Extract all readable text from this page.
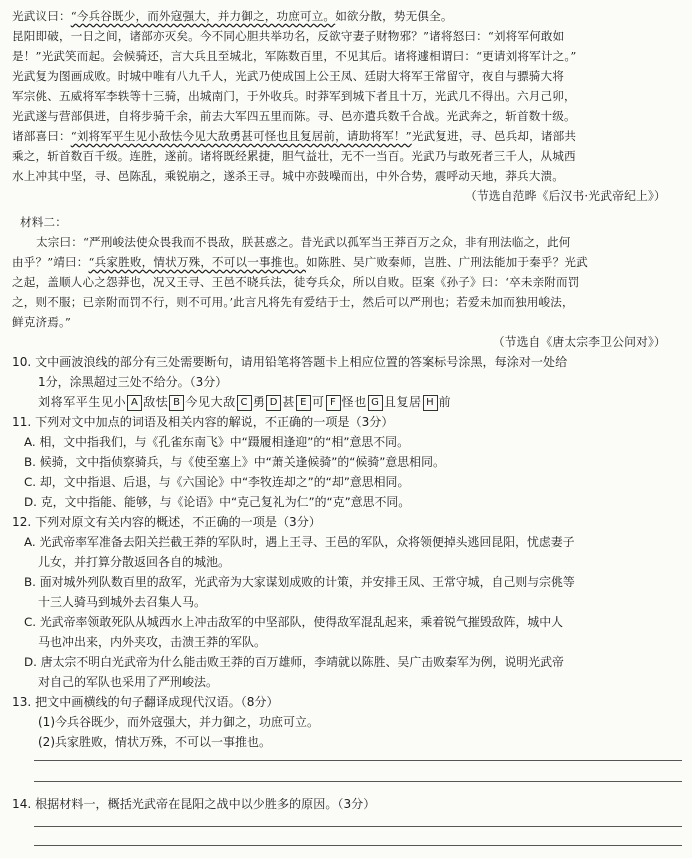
光武议曰：“今兵谷既少，而外寇强大，并力御之，功庶可立。如欲分散，势无俱全。

昆阳即破，一日之间，诸部亦灭矣。今不同心胆共举功名，反欲守妻子财物邪？”诸将怒曰：“刘将军何敢如

是！”光武笑而起。会候骑还，言大兵且至城北，军陈数百里，不见其后。诸将遽相谓曰：“更请刘将军计之。”

光武复为图画成败。时城中唯有八九千人，光武乃使成国上公王凤、廷尉大将军王常留守，夜自与骠骑大将

军宗佻、五威将军李轶等十三骑，出城南门，于外收兵。时莽军到城下者且十万，光武几不得出。六月己卯，

光武遂与营部俱进，自将步骑千余，前去大军四五里而陈。寻、邑亦遣兵数千合战。光武奔之，斩首数十级。

诸部喜曰：“刘将军平生见小敌怯今见大敌勇甚可怪也且复居前，请助将军！”光武复进，寻、邑兵却，诸部共

乘之，斩首数百千级。连胜，遂前。诸将既经累捷，胆气益壮，无不一当百。光武乃与敢死者三千人，从城西

水上冲其中坚，寻、邑陈乱，乘锐崩之，遂杀王寻。城中亦鼓噪而出，中外合势，震呼动天地，莽兵大溃。

（节选自范晔《后汉书·光武帝纪上》）

材料二：

太宗曰：“严刑峻法使众畏我而不畏敌，朕甚惑之。昔光武以孤军当王莽百万之众，非有刑法临之，此何

由乎？”靖曰：“兵家胜败，情状万殊，不可以一事推也。如陈胜、吴广败秦师，岂胜、广刑法能加于秦乎？光武

之起，盖顺人心之怨莽也，况又王寻、王邑不晓兵法，徒夸兵众，所以自败。臣案《孙子》曰：‘卒未亲附而罚

之，则不服；已亲附而罚不行，则不可用。’此言凡将先有爱结于士，然后可以严刑也；若爱未加而独用峻法，

鲜克济焉。”

（节选自《唐太宗李卫公问对》）

10. 文中画波浪线的部分有三处需要断句，请用铅笔将答题卡上相应位置的答案标号涂黑，每涂对一处给

1分，涂黑超过三处不给分。（3分）

刘将军平生见小 A 敌怯 B 今见大敌 C 勇 D 甚 E 可 F 怪也 G 且复居 H 前

11. 下列对文中加点的词语及相关内容的解说，不正确的一项是（3分）

A. 相，文中指我们，与《孔雀东南飞》中“蹑履相逢迎”的“相”意思不同。

B. 候骑，文中指侦察骑兵，与《使至塞上》中“萧关逢候骑”的“候骑”意思相同。

C. 却，文中指退、后退，与《六国论》中“李牧连却之”的“却”意思相同。

D. 克，文中指能、能够，与《论语》中“克己复礼为仁”的“克”意思不同。

12. 下列对原文有关内容的概述，不正确的一项是（3分）

A. 光武帝率军准备去阳关拦截王莽的军队时，遇上王寻、王邑的军队，众将领便掉头逃回昆阳，忧虑妻子

儿女，并打算分散返回各自的城池。

B. 面对城外列队数百里的敌军，光武帝为大家谋划成败的计策，并安排王凤、王常守城，自己则与宗佻等

十三人骑马到城外去召集人马。

C. 光武帝率领敢死队从城西水上冲击敌军的中坚部队，使得敌军混乱起来，乘着锐气摧毁敌阵，城中人

马也冲出来，内外夹攻，击溃王莽的军队。

D. 唐太宗不明白光武帝为什么能击败王莽的百万雄师，李靖就以陈胜、吴广击败秦军为例，说明光武帝

对自己的军队也采用了严刑峻法。

13. 把文中画横线的句子翻译成现代汉语。（8分）

(1)今兵谷既少，而外寇强大，并力御之，功庶可立。

(2)兵家胜败，情状万殊，不可以一事推也。

14. 根据材料一，概括光武帝在昆阳之战中以少胜多的原因。（3分）
